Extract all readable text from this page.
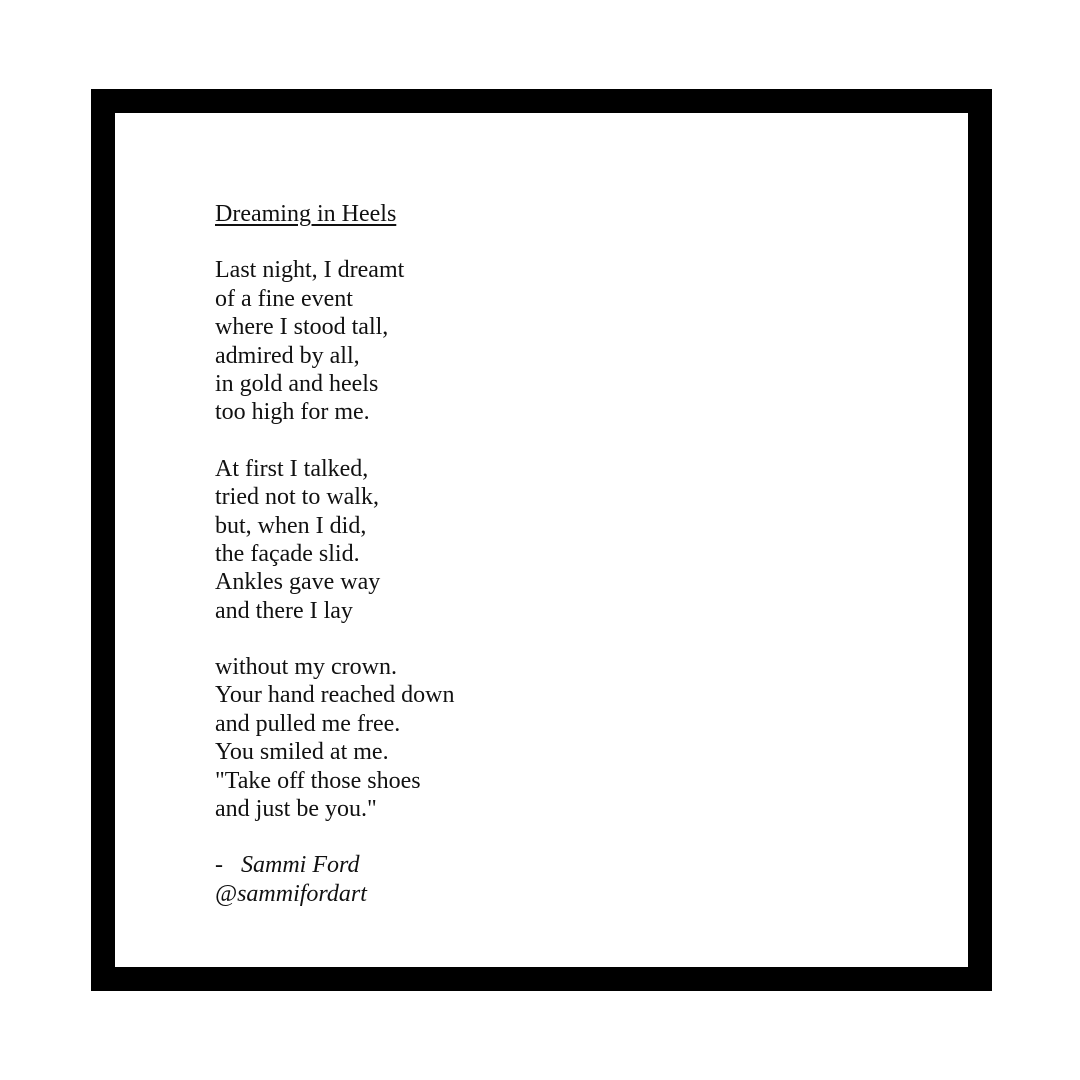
Dreaming in Heels
Last night, I dreamt
of a fine event
where I stood tall,
admired by all,
in gold and heels
too high for me.
At first I talked,
tried not to walk,
but, when I did,
the façade slid.
Ankles gave way
and there I lay
without my crown.
Your hand reached down
and pulled me free.
You smiled at me.
"Take off those shoes
and just be you."
- Sammi Ford
@sammifordart
